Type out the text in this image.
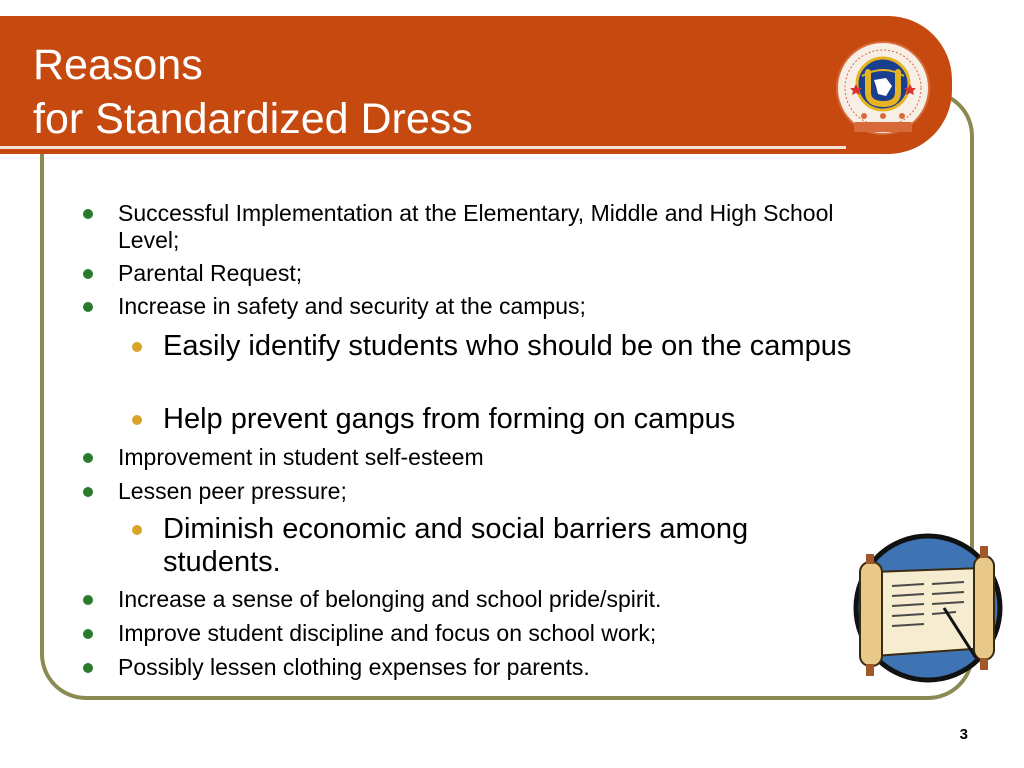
Reasons
for Standardized Dress

Successful Implementation at the Elementary, Middle and High School Level;

Parental Request;

Increase in safety and security at the campus;

Easily identify students who should be on the campus

Help prevent gangs from forming on campus

Improvement in student self-esteem

Lessen peer pressure;

Diminish economic and social barriers among students.

Increase a sense of belonging and school pride/spirit.

Improve student discipline and focus on school work;

Possibly lessen clothing expenses for parents.

3
